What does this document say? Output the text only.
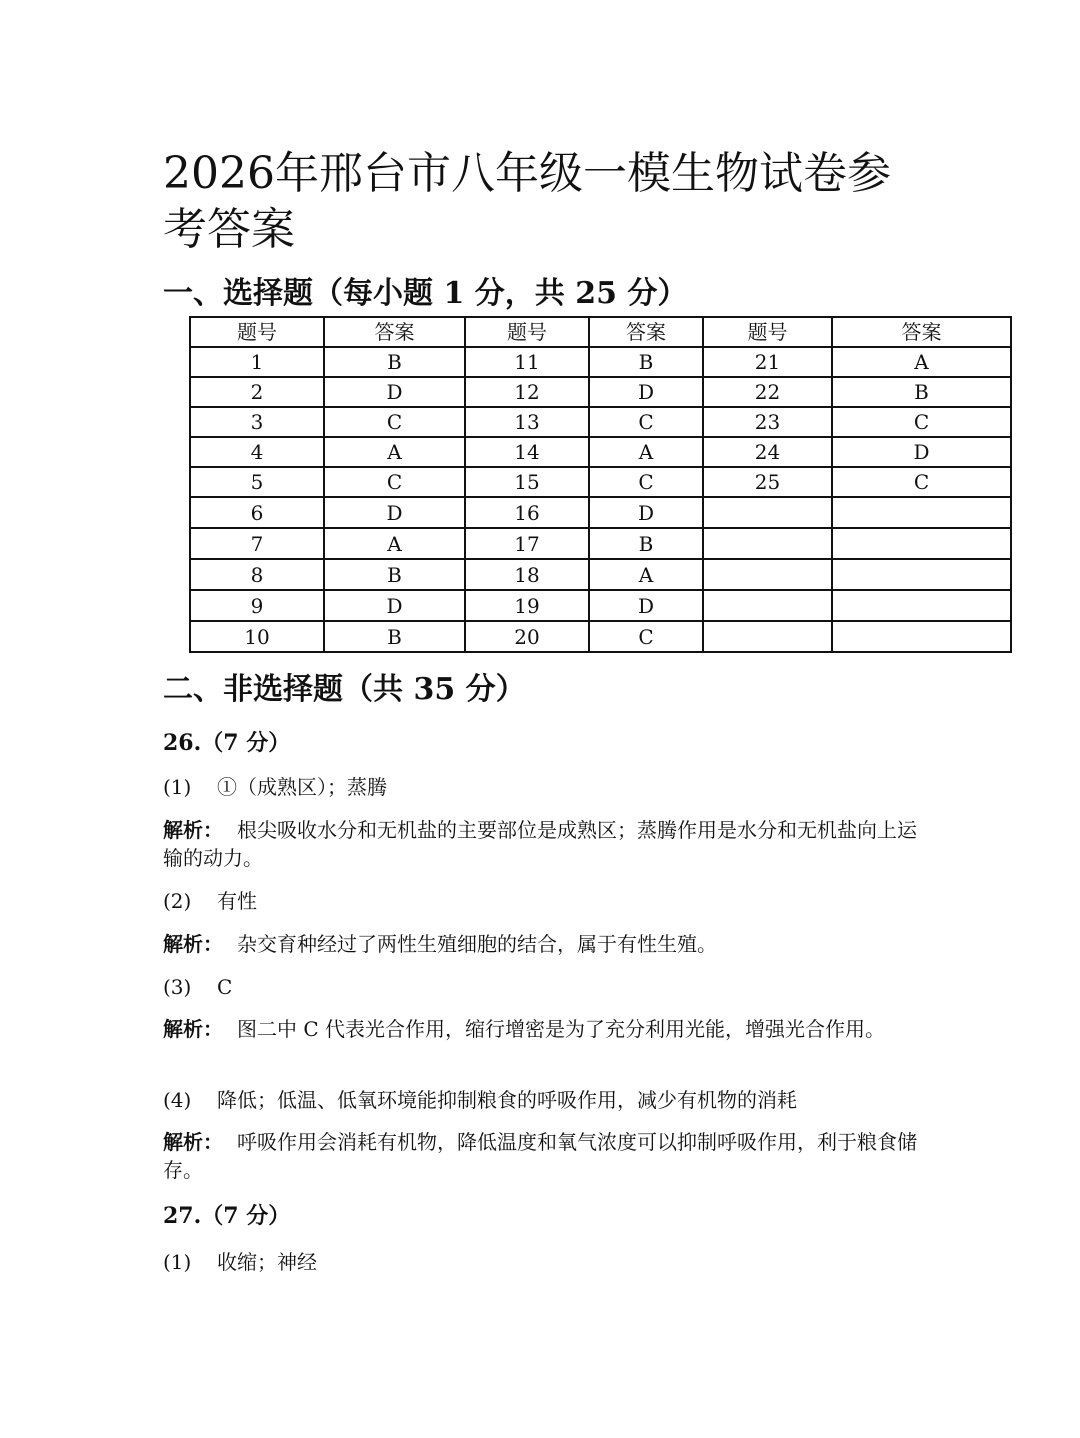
2026年邢台市八年级一模生物试卷参考答案
一、选择题（每小题 1 分，共 25 分）
题号	答案	题号	答案	题号	答案
1	B	11	B	21	A
2	D	12	D	22	B
3	C	13	C	23	C
4	A	14	A	24	D
5	C	15	C	25	C
6	D	16	D		
7	A	17	B		
8	B	18	A		
9	D	19	D		
10	B	20	C		
二、非选择题（共 35 分）
26.（7 分）
(1) ①（成熟区）；蒸腾
解析： 根尖吸收水分和无机盐的主要部位是成熟区；蒸腾作用是水分和无机盐向上运输的动力。
(2) 有性
解析： 杂交育种经过了两性生殖细胞的结合，属于有性生殖。
(3) C
解析： 图二中 C 代表光合作用，缩行增密是为了充分利用光能，增强光合作用。
(4) 降低；低温、低氧环境能抑制粮食的呼吸作用，减少有机物的消耗
解析： 呼吸作用会消耗有机物，降低温度和氧气浓度可以抑制呼吸作用，利于粮食储存。
27.（7 分）
(1) 收缩；神经
